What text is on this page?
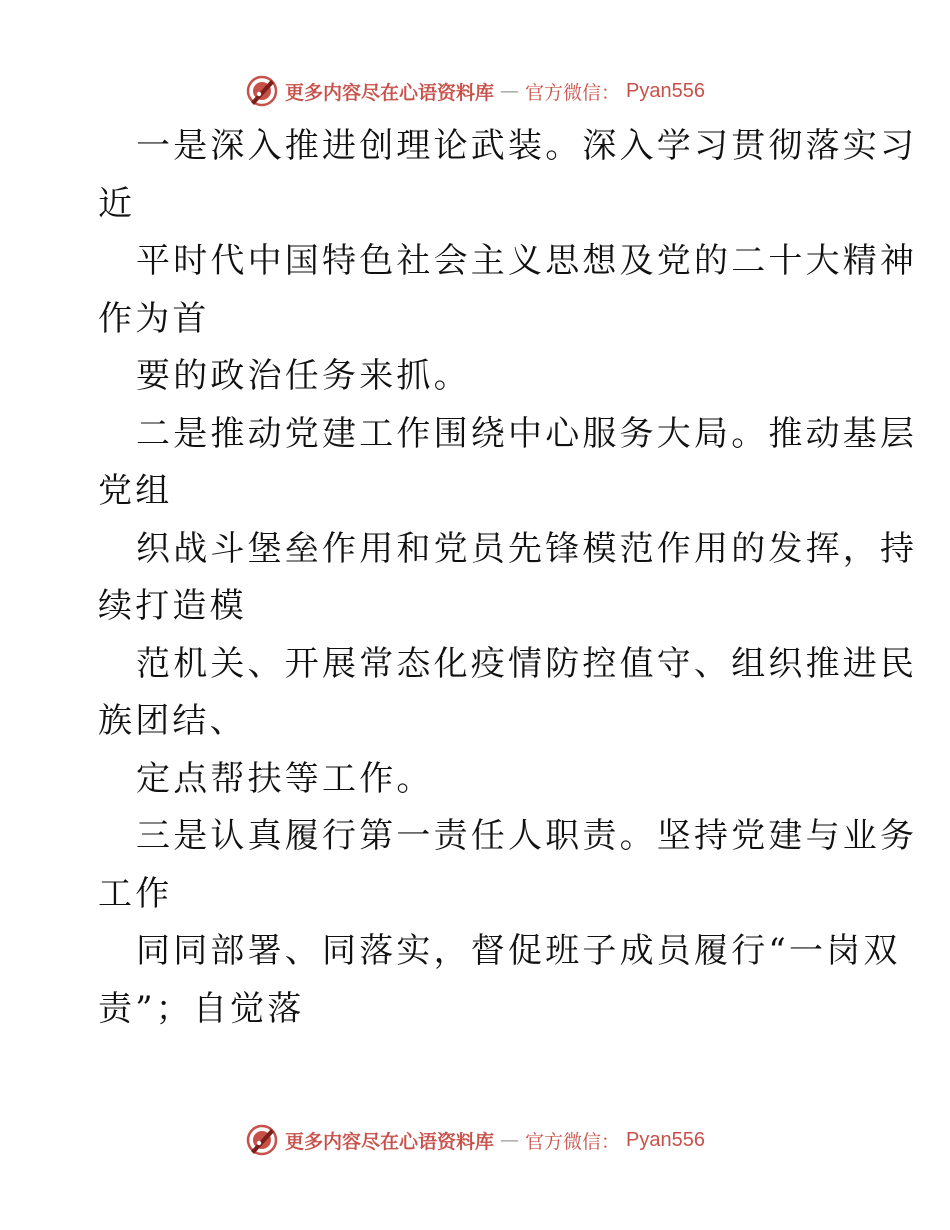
更多内容尽在心语资料库 — 官方微信： Pyan556
一是深入推进创理论武装。深入学习贯彻落实习
近
平时代中国特色社会主义思想及党的二十大精神
作为首
要的政治任务来抓。
二是推动党建工作围绕中心服务大局。推动基层
党组
织战斗堡垒作用和党员先锋模范作用的发挥，持
续打造模
范机关、开展常态化疫情防控值守、组织推进民
族团结、
定点帮扶等工作。
三是认真履行第一责任人职责。坚持党建与业务
工作
同同部署、同落实，督促班子成员履行“一岗双
责”；自觉落
更多内容尽在心语资料库 — 官方微信： Pyan556
